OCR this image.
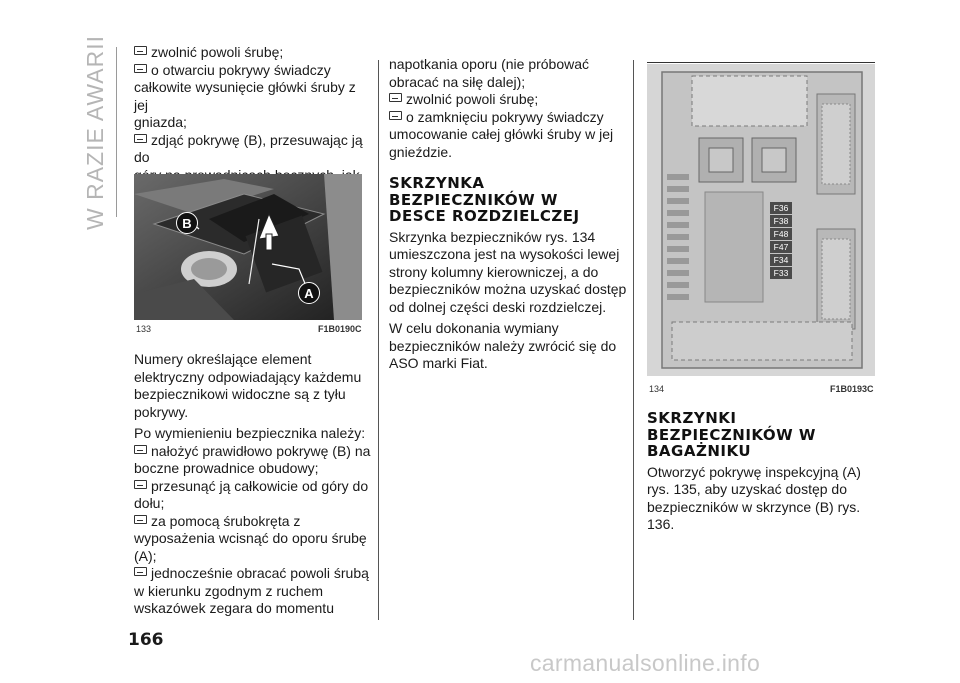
W RAZIE AWARII	zwolnić powoli śrubę;

o otwarciu pokrywy świadczy
całkowite wysunięcie główki śruby z jej
gniazda;

zdjąć pokrywę (B), przesuwając ją do

B
A
133	F1B0190C

Numery określające element
elektryczny odpowiadający każdemu
bezpiecznikowi widoczne są z tyłu
pokrywy.

Po wymienieniu bezpiecznika należy:

nałożyć prawidłowo pokrywę (B) na
boczne prowadnice obudowy;

przesunąć ją całkowicie od góry do
dołu;

za pomocą śrubokręta z
wyposażenia wcisnąć do oporu śrubę
(A);

jednocześnie obracać powoli śrubą
w kierunku zgodnym z ruchem
wskazówek zegara do momentu

napotkania oporu (nie próbować
obracać na siłę dalej);

zwolnić powoli śrubę;

o zamknięciu pokrywy świadczy
umocowanie całej główki śruby w jej
gnieździe.

SKRZYNKA
BEZPIECZNIKÓW W
DESCE ROZDZIELCZEJ

Skrzynka bezpieczników rys. 134
umieszczona jest na wysokości lewej
strony kolumny kierowniczej, a do
bezpieczników można uzyskać dostęp
od dolnej części deski rozdzielczej.

W celu dokonania wymiany
bezpieczników należy zwrócić się do
ASO marki Fiat.

F36
F38
F48
F47
F34
F33
134	F1B0193C
SKRZYNKI
BEZPIECZNIKÓW W
BAGAŻNIKU

Otworzyć pokrywę inspekcyjną (A)
rys. 135, aby uzyskać dostęp do
bezpieczników w skrzynce (B) rys. 136.

166
carmanualsonline.info
